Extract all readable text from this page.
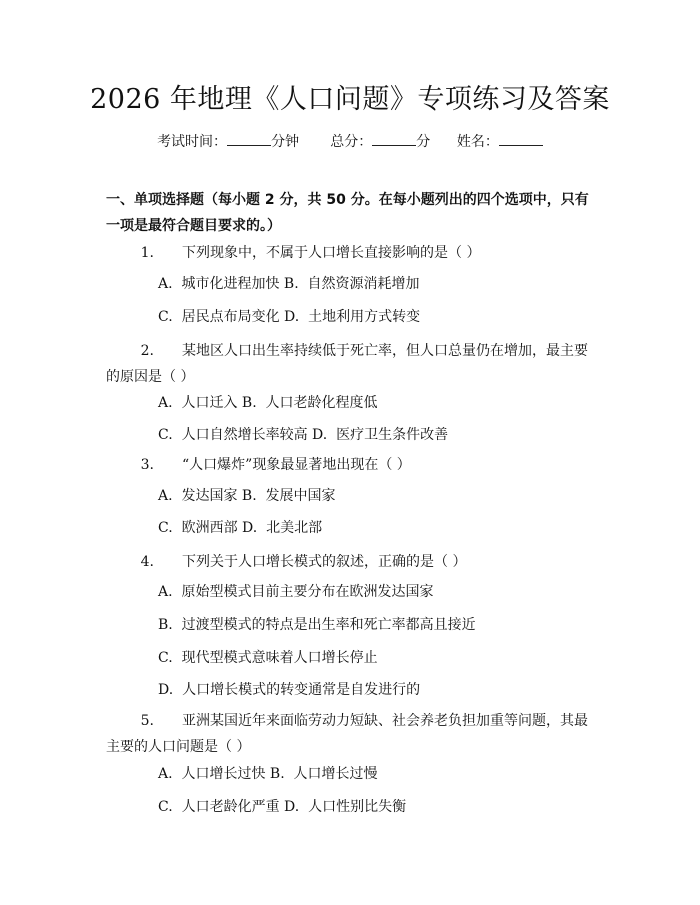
2026 年地理《人口问题》专项练习及答案
考试时间：	分钟 总分：	分 姓名：
一、单项选择题（每小题 2 分，共 50 分。在每小题列出的四个选项中，只有一项是最符合题目要求的。）
1. 下列现象中，不属于人口增长直接影响的是（ ）
A.  城市化进程加快 B.  自然资源消耗增加
C.  居民点布局变化 D.  土地利用方式转变
2. 某地区人口出生率持续低于死亡率，但人口总量仍在增加，最主要的原因是（ ）
A.  人口迁入 B.  人口老龄化程度低
C.  人口自然增长率较高 D.  医疗卫生条件改善
3. “人口爆炸”现象最显著地出现在（ ）
A.  发达国家 B.  发展中国家
C.  欧洲西部 D.  北美北部
4. 下列关于人口增长模式的叙述，正确的是（ ）
A.  原始型模式目前主要分布在欧洲发达国家
B.  过渡型模式的特点是出生率和死亡率都高且接近
C.  现代型模式意味着人口增长停止
D.  人口增长模式的转变通常是自发进行的
5. 亚洲某国近年来面临劳动力短缺、社会养老负担加重等问题，其最主要的人口问题是（ ）
A.  人口增长过快 B.  人口增长过慢
C.  人口老龄化严重 D.  人口性别比失衡
